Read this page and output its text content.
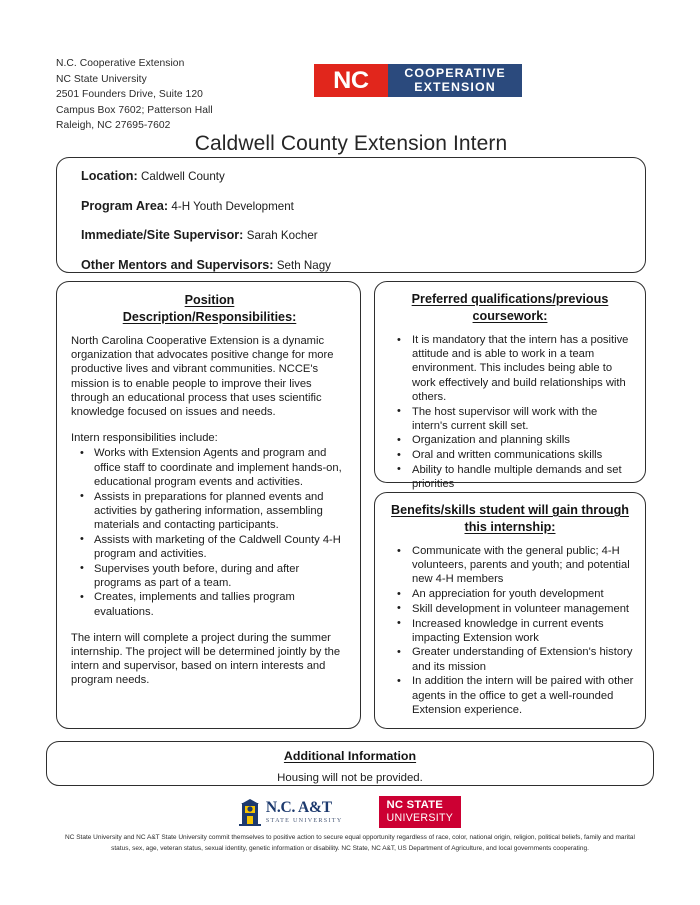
N.C. Cooperative Extension
NC State University
2501 Founders Drive, Suite 120
Campus Box 7602; Patterson Hall
Raleigh, NC 27695-7602
NC	COOPERATIVE
EXTENSION
Caldwell County Extension Intern
Location: Caldwell County
Program Area: 4-H Youth Development
Immediate/Site Supervisor: Sarah Kocher
Other Mentors and Supervisors: Seth Nagy
Position
Description/Responsibilities:

North Carolina Cooperative Extension is a dynamic organization that advocates positive change for more productive lives and vibrant communities. NCCE's mission is to enable people to improve their lives through an educational process that uses scientific knowledge focused on issues and needs.

Intern responsibilities include:

• Works with Extension Agents and program and office staff to coordinate and implement hands-on, educational program events and activities.
• Assists in preparations for planned events and activities by gathering information, assembling materials and contacting participants.
• Assists with marketing of the Caldwell County 4-H program and activities.
• Supervises youth before, during and after programs as part of a team.
• Creates, implements and tallies program evaluations.

The intern will complete a project during the summer internship. The project will be determined jointly by the intern and supervisor, based on intern interests and program needs.

Preferred qualifications/previous
coursework:
• It is mandatory that the intern has a positive attitude and is able to work in a team environment. This includes being able to work effectively and build relationships with others.
• The host supervisor will work with the intern's current skill set.
• Organization and planning skills
• Oral and written communications skills
• Ability to handle multiple demands and set priorities
Benefits/skills student will gain through
this internship:
• Communicate with the general public; 4-H volunteers, parents and youth; and potential new 4-H members
• An appreciation for youth development
• Skill development in volunteer management
• Increased knowledge in current events impacting Extension work
• Greater understanding of Extension's history and its mission
• In addition the intern will be paired with other agents in the office to get a well-rounded Extension experience.
Additional Information
Housing will not be provided.
N.C. A&T
STATE UNIVERSITY
NC STATE
UNIVERSITY
NC State University and NC A&T State University commit themselves to positive action to secure equal opportunity regardless of race, color, national origin, religion, political beliefs, family and marital status, sex, age, veteran status, sexual identity, genetic information or disability. NC State, NC A&T, US Department of Agriculture, and local governments cooperating.
